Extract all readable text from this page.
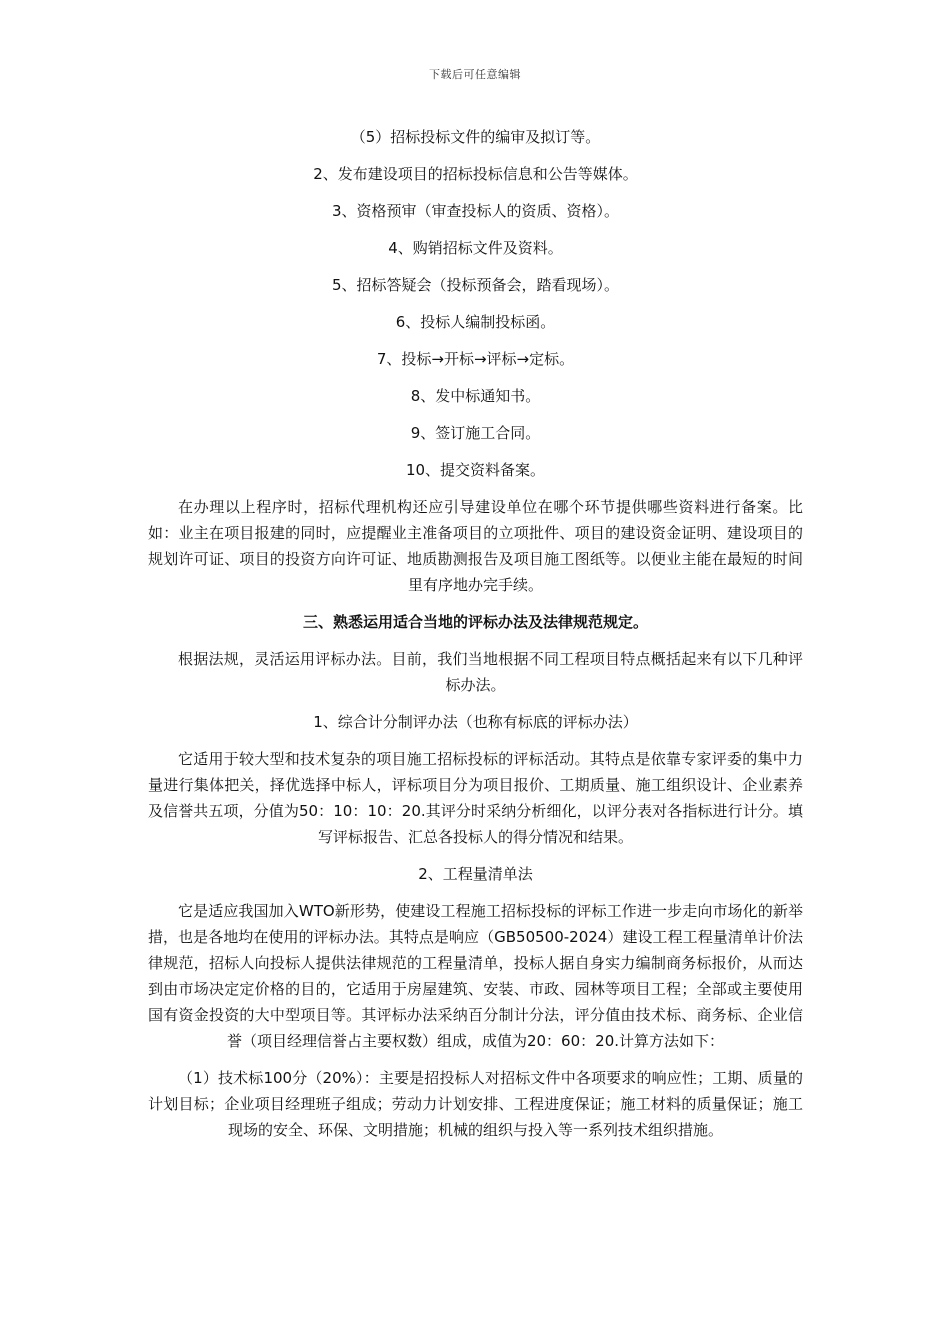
下载后可任意编辑

（5）招标投标文件的编审及拟订等。

2、发布建设项目的招标投标信息和公告等媒体。

3、资格预审（审查投标人的资质、资格）。

4、购销招标文件及资料。

5、招标答疑会（投标预备会，踏看现场）。

6、投标人编制投标函。

7、投标→开标→评标→定标。

8、发中标通知书。

9、签订施工合同。

10、提交资料备案。

在办理以上程序时，招标代理机构还应引导建设单位在哪个环节提供哪些资料进行备案。比如：业主在项目报建的同时，应提醒业主准备项目的立项批件、项目的建设资金证明、建设项目的规划许可证、项目的投资方向许可证、地质勘测报告及项目施工图纸等。以便业主能在最短的时间里有序地办完手续。

三、熟悉运用适合当地的评标办法及法律规范规定。

根据法规，灵活运用评标办法。目前，我们当地根据不同工程项目特点概括起来有以下几种评标办法。

1、综合计分制评办法（也称有标底的评标办法）

它适用于较大型和技术复杂的项目施工招标投标的评标活动。其特点是依靠专家评委的集中力量进行集体把关，择优选择中标人，评标项目分为项目报价、工期质量、施工组织设计、企业素养及信誉共五项，分值为50：10：10：20.其评分时采纳分析细化，以评分表对各指标进行计分。填写评标报告、汇总各投标人的得分情况和结果。

2、工程量清单法

它是适应我国加入WTO新形势，使建设工程施工招标投标的评标工作进一步走向市场化的新举措，也是各地均在使用的评标办法。其特点是响应（GB50500-2024）建设工程工程量清单计价法律规范，招标人向投标人提供法律规范的工程量清单，投标人据自身实力编制商务标报价，从而达到由市场决定定价格的目的，它适用于房屋建筑、安装、市政、园林等项目工程；全部或主要使用国有资金投资的大中型项目等。其评标办法采纳百分制计分法，评分值由技术标、商务标、企业信誉（项目经理信誉占主要权数）组成，成值为20：60：20.计算方法如下：

（1）技术标100分（20%）：主要是招投标人对招标文件中各项要求的响应性；工期、质量的计划目标；企业项目经理班子组成；劳动力计划安排、工程进度保证；施工材料的质量保证；施工现场的安全、环保、文明措施；机械的组织与投入等一系列技术组织措施。
